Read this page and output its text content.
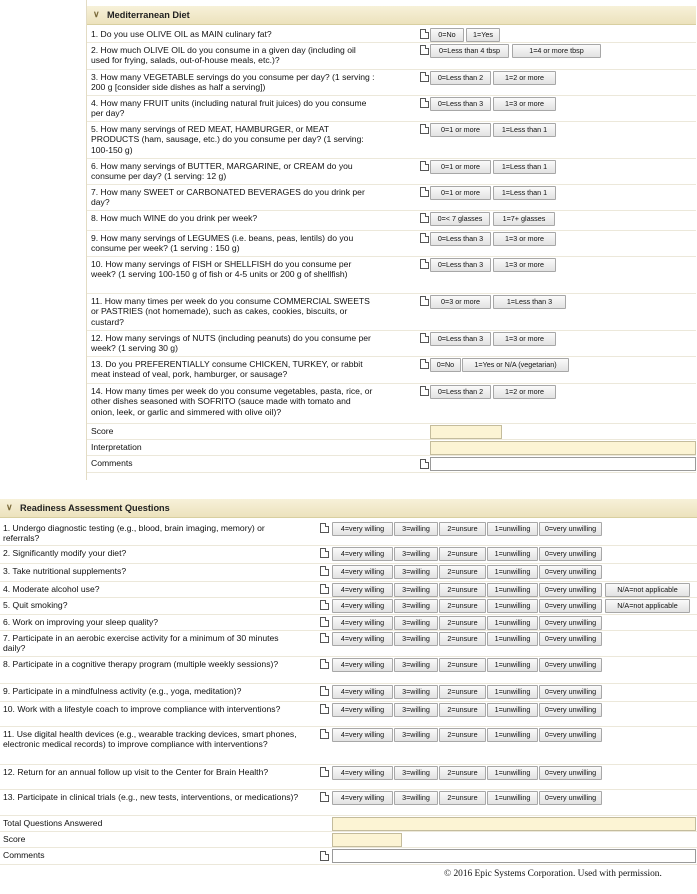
∨ Mediterranean Diet
1. Do you use OLIVE OIL as MAIN culinary fat?	0=No	1=Yes
2. How much OLIVE OIL do you consume in a given day (including oil used for frying, salads, out-of-house meals, etc.)?
0=Less than 4 tbsp	1=4 or more tbsp
3. How many VEGETABLE servings do you consume per day? (1 serving : 200 g [consider side dishes as half a serving])
0=Less than 2	1=2 or more
4. How many FRUIT units (including natural fruit juices) do you consume per day?
0=Less than 3	1=3 or more
5. How many servings of RED MEAT, HAMBURGER, or MEAT PRODUCTS (ham, sausage, etc.) do you consume per day? (1 serving: 100-150 g)
0=1 or more	1=Less than 1
6. How many servings of BUTTER, MARGARINE, or CREAM do you consume per day? (1 serving: 12 g)
0=1 or more	1=Less than 1
7. How many SWEET or CARBONATED BEVERAGES do you drink per day?
0=1 or more	1=Less than 1
8. How much WINE do you drink per week?	0=< 7 glasses	1=7+ glasses
9. How many servings of LEGUMES (i.e. beans, peas, lentils) do you consume per week? (1 serving : 150 g)
0=Less than 3	1=3 or more
10. How many servings of FISH or SHELLFISH do you consume per week? (1 serving 100-150 g of fish or 4-5 units or 200 g of shellfish)
0=Less than 3	1=3 or more
11. How many times per week do you consume COMMERCIAL SWEETS or PASTRIES (not homemade), such as cakes, cookies, biscuits, or custard?
0=3 or more	1=Less than 3
12. How many servings of NUTS (including peanuts) do you consume per week? (1 serving 30 g)
0=Less than 3	1=3 or more
13. Do you PREFERENTIALLY consume CHICKEN, TURKEY, or rabbit meat instead of veal, pork, hamburger, or sausage?
0=No	1=Yes or N/A (vegetarian)
14. How many times per week do you consume vegetables, pasta, rice, or other dishes seasoned with SOFRITO (sauce made with tomato and onion, leek, or garlic and simmered with olive oil)?
0=Less than 2	1=2 or more
Score
Interpretation
Comments
∨ Readiness Assessment Questions
1. Undergo diagnostic testing (e.g., blood, brain imaging, memory) or referrals?
4=very willing	3=willing	2=unsure	1=unwilling	0=very unwilling
2. Significantly modify your diet?	4=very willing	3=willing	2=unsure	1=unwilling	0=very unwilling
3. Take nutritional supplements?	4=very willing	3=willing	2=unsure	1=unwilling	0=very unwilling
4. Moderate alcohol use?	4=very willing	3=willing	2=unsure	1=unwilling	0=very unwilling	N/A=not applicable
5. Quit smoking?	4=very willing	3=willing	2=unsure	1=unwilling	0=very unwilling	N/A=not applicable
6. Work on improving your sleep quality?	4=very willing	3=willing	2=unsure	1=unwilling	0=very unwilling
7. Participate in an aerobic exercise activity for a minimum of 30 minutes daily?
4=very willing	3=willing	2=unsure	1=unwilling	0=very unwilling
8. Participate in a cognitive therapy program (multiple weekly sessions)?	4=very willing	3=willing	2=unsure	1=unwilling	0=very unwilling
9. Participate in a mindfulness activity (e.g., yoga, meditation)?	4=very willing	3=willing	2=unsure	1=unwilling	0=very unwilling
10. Work with a lifestyle coach to improve compliance with interventions?	4=very willing	3=willing	2=unsure	1=unwilling	0=very unwilling
11. Use digital health devices (e.g., wearable tracking devices, smart phones, electronic medical records) to improve compliance with interventions?
4=very willing	3=willing	2=unsure	1=unwilling	0=very unwilling
12. Return for an annual follow up visit to the Center for Brain Health?	4=very willing	3=willing	2=unsure	1=unwilling	0=very unwilling
13. Participate in clinical trials (e.g., new tests, interventions, or medications)?	4=very willing	3=willing	2=unsure	1=unwilling	0=very unwilling
Total Questions Answered
Score
Comments
© 2016 Epic Systems Corporation. Used with permission.
